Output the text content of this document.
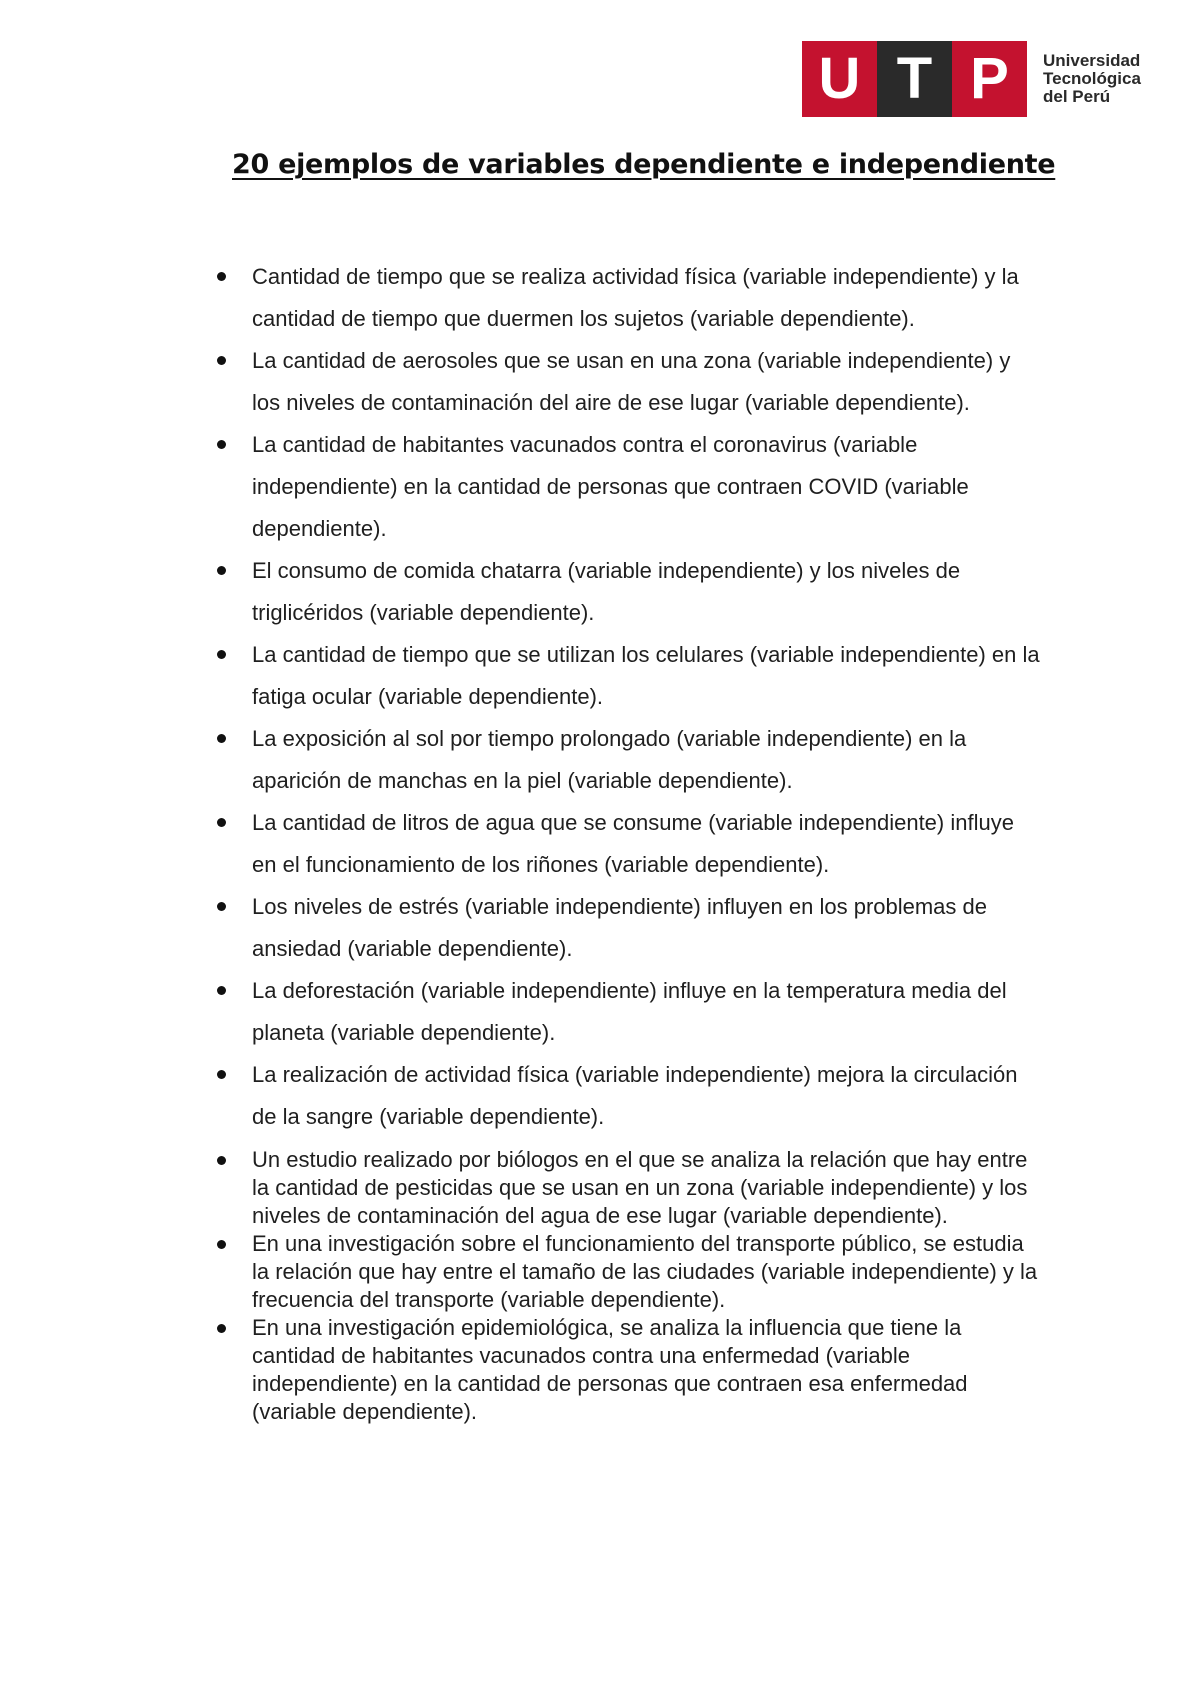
U T P	Universidad
Tecnológica
del Perú
20 ejemplos de variables dependiente e independiente
Cantidad de tiempo que se realiza actividad física (variable independiente) y la cantidad de tiempo que duermen los sujetos (variable dependiente).
La cantidad de aerosoles que se usan en una zona (variable independiente) y los niveles de contaminación del aire de ese lugar (variable dependiente).
La cantidad de habitantes vacunados contra el coronavirus (variable independiente) en la cantidad de personas que contraen COVID (variable dependiente).
El consumo de comida chatarra (variable independiente) y los niveles de triglicéridos (variable dependiente).
La cantidad de tiempo que se utilizan los celulares (variable independiente) en la fatiga ocular (variable dependiente).
La exposición al sol por tiempo prolongado (variable independiente) en la aparición de manchas en la piel (variable dependiente).
La cantidad de litros de agua que se consume (variable independiente) influye en el funcionamiento de los riñones (variable dependiente).
Los niveles de estrés (variable independiente) influyen en los problemas de ansiedad (variable dependiente).
La deforestación (variable independiente) influye en la temperatura media del planeta (variable dependiente).
La realización de actividad física (variable independiente) mejora la circulación de la sangre (variable dependiente).
Un estudio realizado por biólogos en el que se analiza la relación que hay entre la cantidad de pesticidas que se usan en un zona (variable independiente) y los niveles de contaminación del agua de ese lugar (variable dependiente).
En una investigación sobre el funcionamiento del transporte público, se estudia la relación que hay entre el tamaño de las ciudades (variable independiente) y la frecuencia del transporte (variable dependiente).
En una investigación epidemiológica, se analiza la influencia que tiene la cantidad de habitantes vacunados contra una enfermedad (variable independiente) en la cantidad de personas que contraen esa enfermedad (variable dependiente).
